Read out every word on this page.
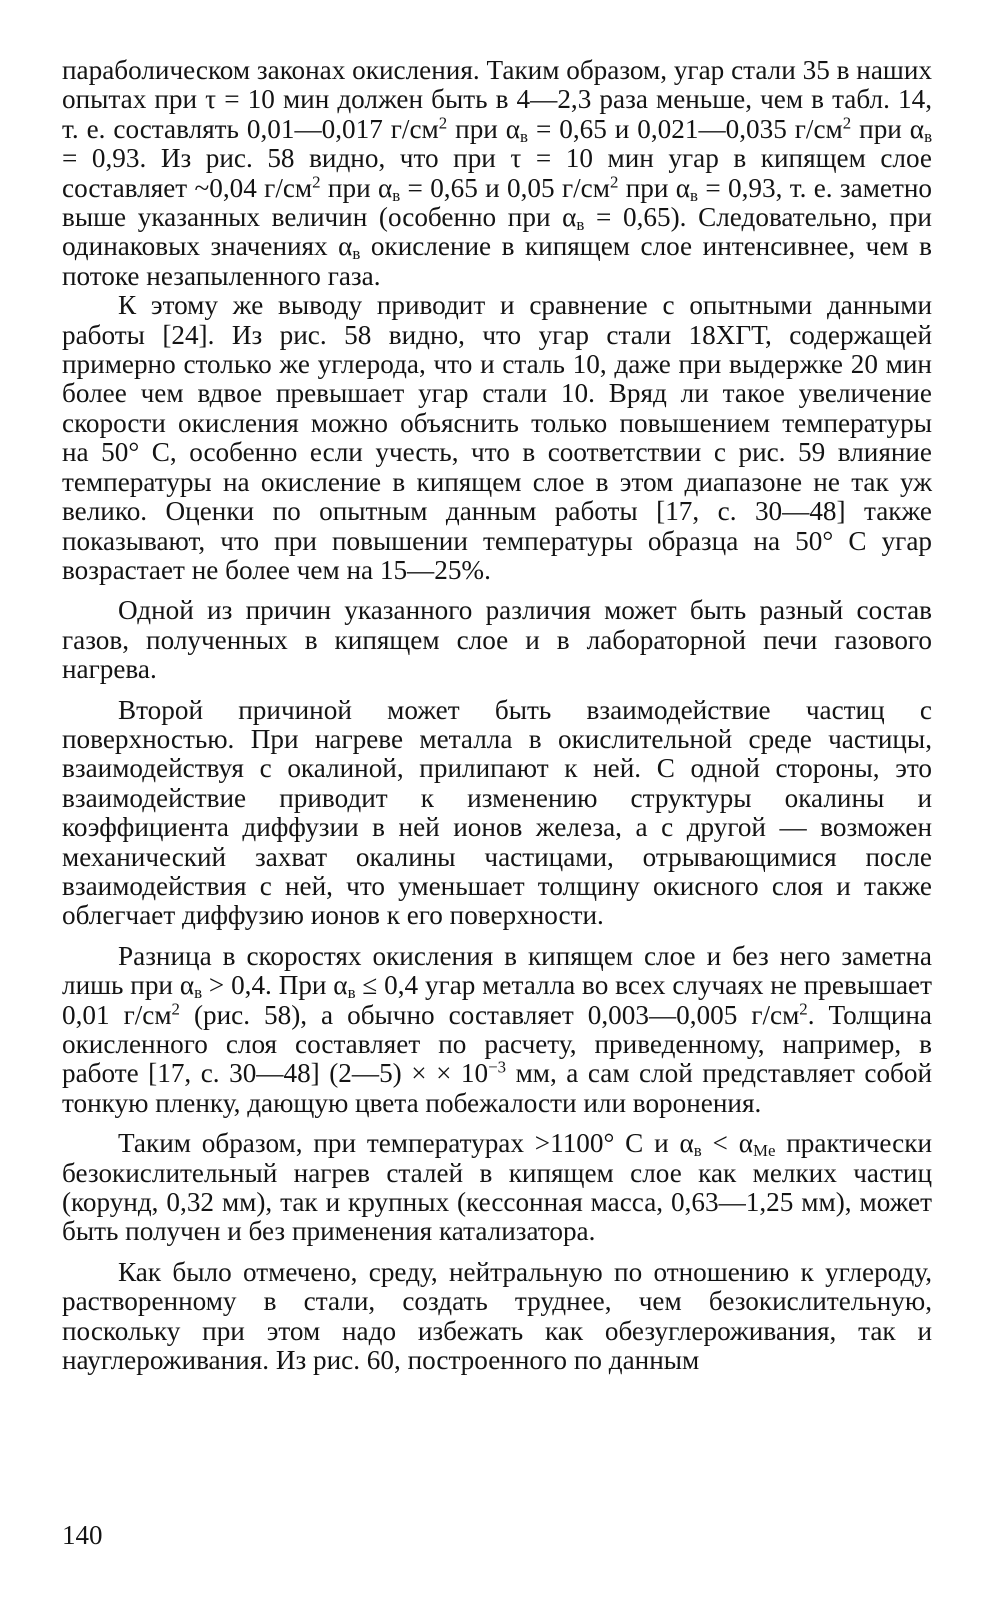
параболическом законах окисления. Таким образом, угар стали 35 в наших опытах при τ = 10 мин должен быть в 4—2,3 раза меньше, чем в табл. 14, т. е. составлять 0,01—0,017 $г/см^2$ при $\alpha_в = 0,65$ и 0,021—0,035 $г/см^2$ при $\alpha_в = 0,93$. Из рис. 58 видно, что при τ = 10 мин угар в кипящем слое составляет ~0,04 $г/см^2$ при $\alpha_в = 0,65$ и 0,05 $г/см^2$ при $\alpha_в = 0,93$, т. е. заметно выше указанных величин (особенно при $\alpha_в = 0,65$). Следовательно, при одинаковых значениях $\alpha_в$ окисление в кипящем слое интенсивнее, чем в потоке незапыленного газа.

К этому же выводу приводит и сравнение с опытными данными работы [24]. Из рис. 58 видно, что угар стали 18ХГТ, содержащей примерно столько же углерода, что и сталь 10, даже при выдержке 20 мин более чем вдвое превышает угар стали 10. Вряд ли такое увеличение скорости окисления можно объяснить только повышением температуры на 50° С, особенно если учесть, что в соответствии с рис. 59 влияние температуры на окисление в кипящем слое в этом диапазоне не так уж велико. Оценки по опытным данным работы [17, с. 30—48] также показывают, что при повышении температуры образца на 50° С угар возрастает не более чем на 15—25%.

Одной из причин указанного различия может быть разный состав газов, полученных в кипящем слое и в лабораторной печи газового нагрева.

Второй причиной может быть взаимодействие частиц с поверхностью. При нагреве металла в окислительной среде частицы, взаимодействуя с окалиной, прилипают к ней. С одной стороны, это взаимодействие приводит к изменению структуры окалины и коэффициента диффузии в ней ионов железа, а с другой — возможен механический захват окалины частицами, отрывающимися после взаимодействия с ней, что уменьшает толщину окисного слоя и также облегчает диффузию ионов к его поверхности.

Разница в скоростях окисления в кипящем слое и без него заметна лишь при $\alpha_в > 0,4$. При $\alpha_в \le 0,4$ угар металла во всех случаях не превышает 0,01 $г/см^2$ (рис. 58), а обычно составляет 0,003—0,005 $г/см^2$. Толщина окисленного слоя составляет по расчету, приведенному, например, в работе [17, с. 30—48] (2—5) × × $10^{-3}$ мм, а сам слой представляет собой тонкую пленку, дающую цвета побежалости или воронения.

Таким образом, при температурах >1100° С и $\alpha_в < \alpha_{Me}$ практически безокислительный нагрев сталей в кипящем слое как мелких частиц (корунд, 0,32 мм), так и крупных (кессонная масса, 0,63—1,25 мм), может быть получен и без применения катализатора.

Как было отмечено, среду, нейтральную по отношению к углероду, растворенному в стали, создать труднее, чем безокислительную, поскольку при этом надо избежать как обезуглероживания, так и науглероживания. Из рис. 60, построенного по данным

140
